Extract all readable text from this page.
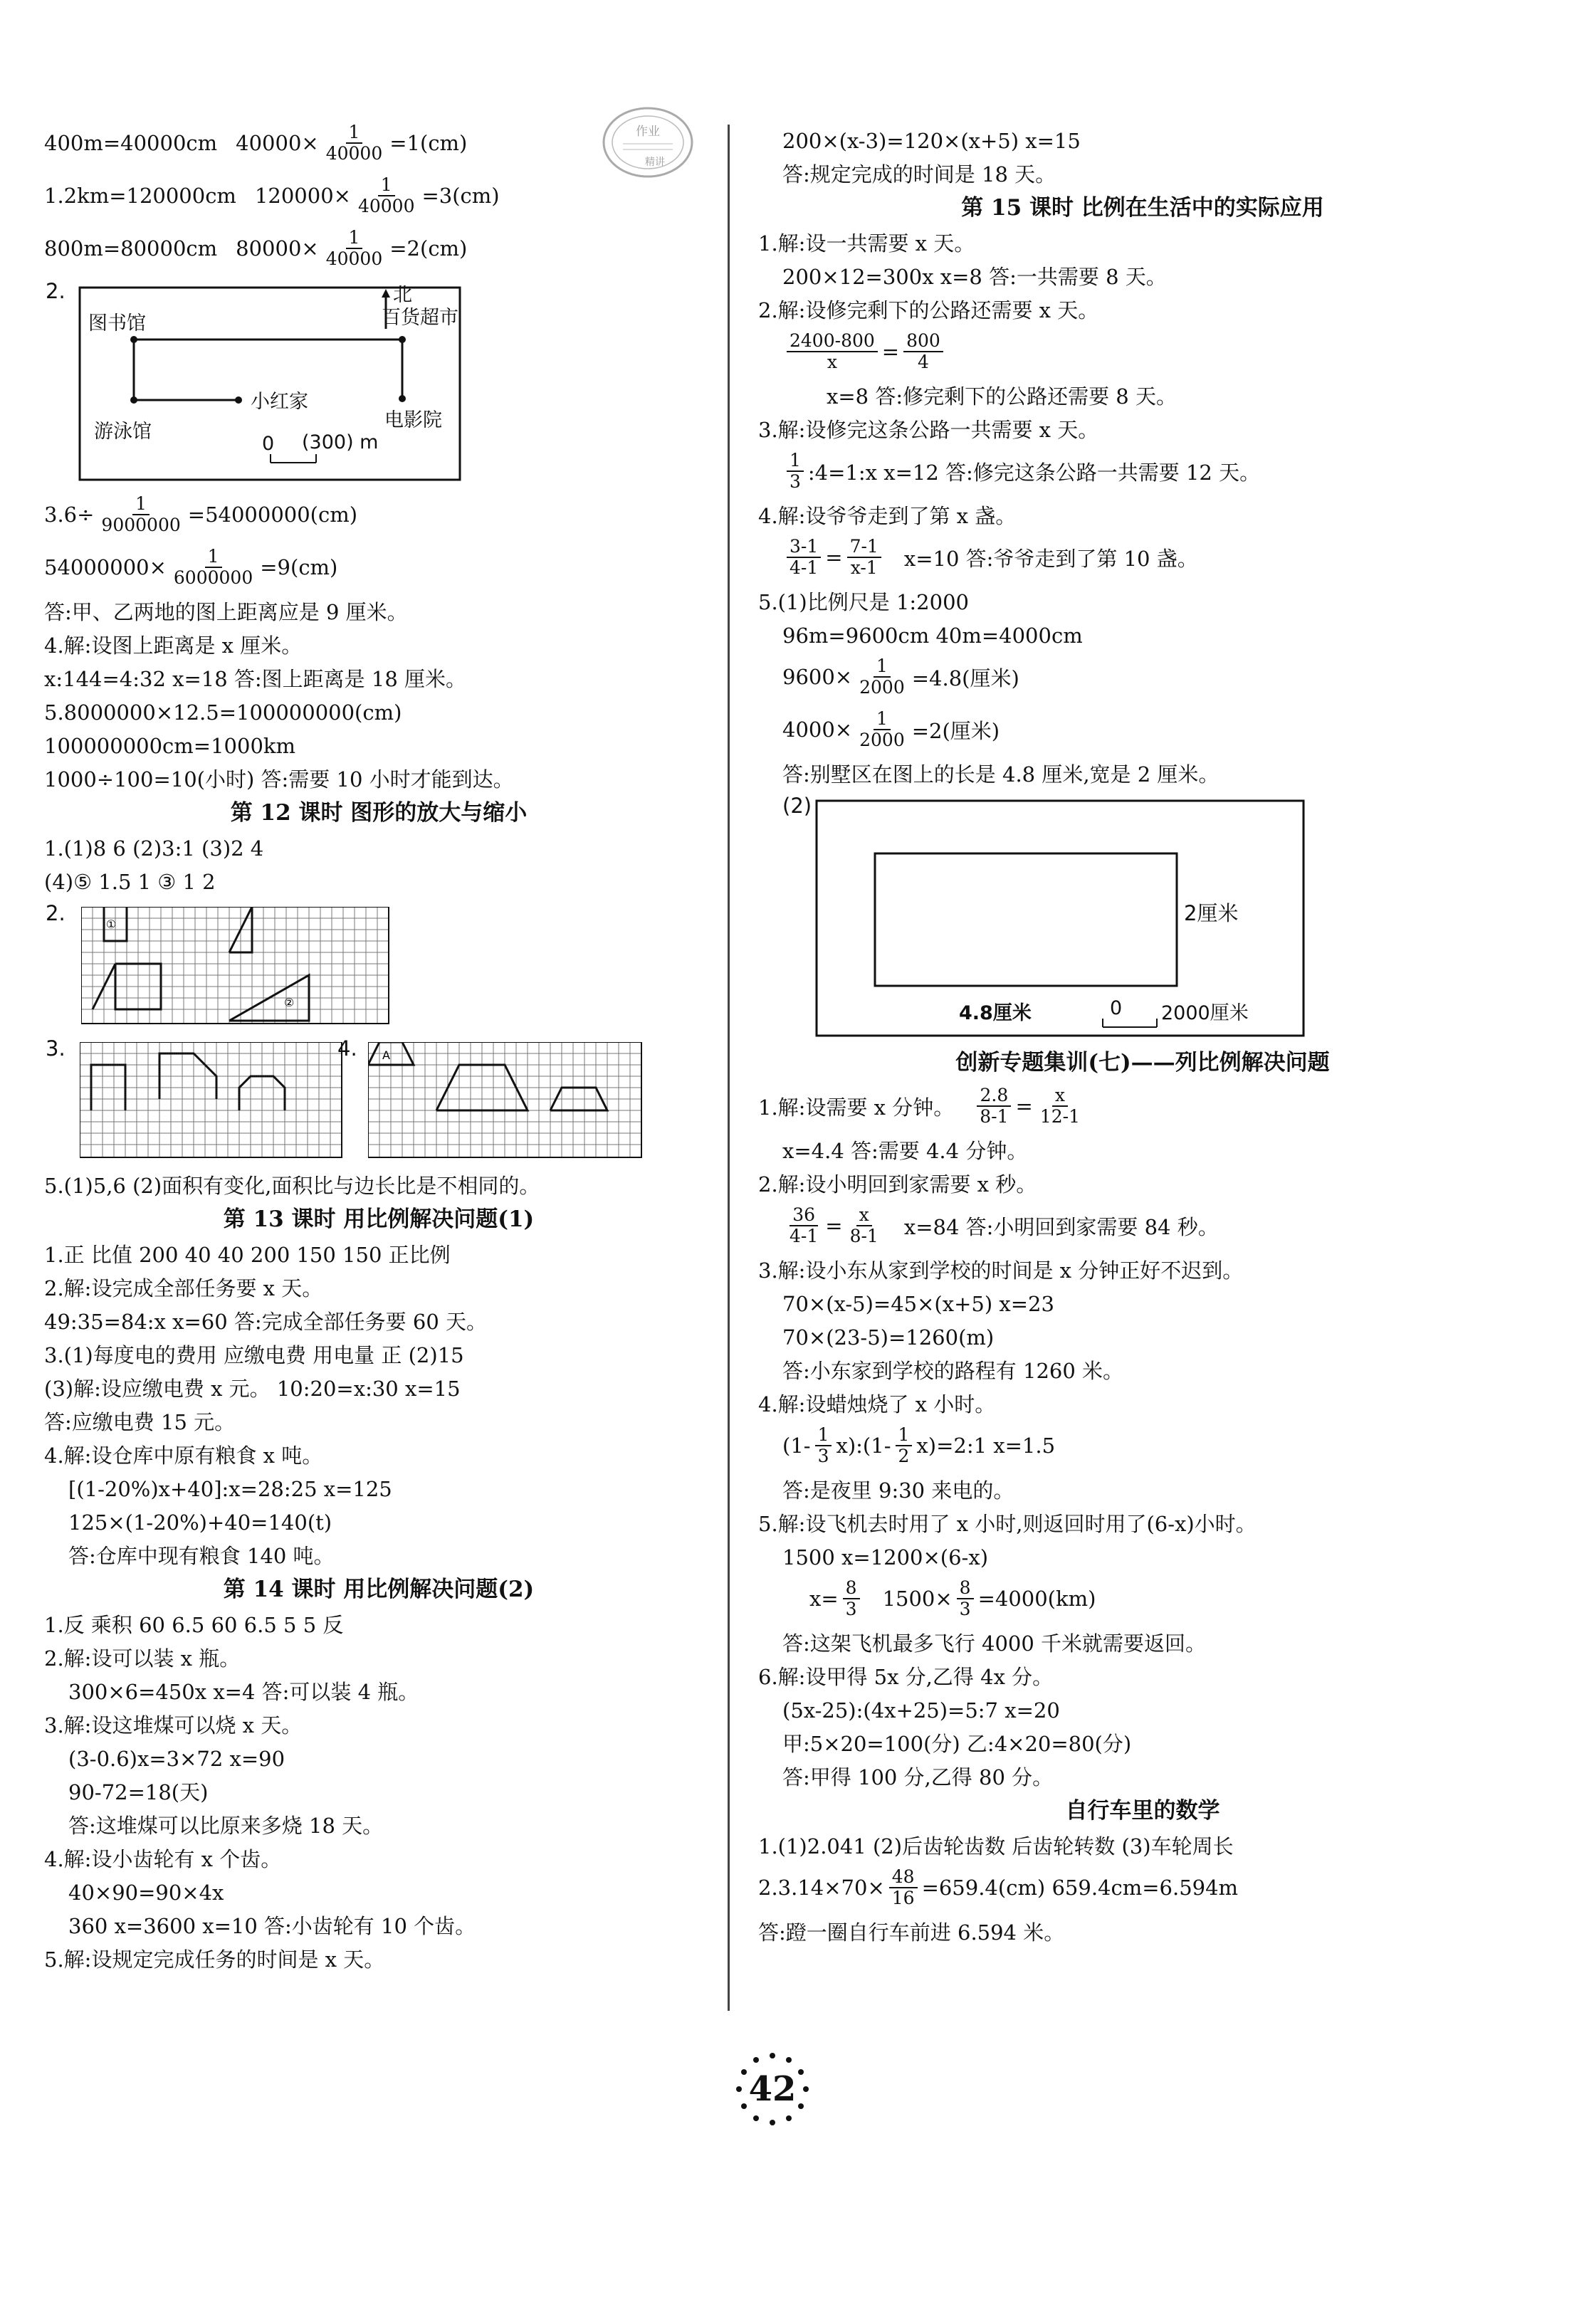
作业
精讲
400m=40000cm $40000\times \frac{1}{40000} =1(cm)$
1.2km=120000cm $120000\times \frac{1}{40000} =3(cm)$
800m=80000cm $80000\times \frac{1}{40000} =2(cm)$
2.
图书馆
北
百货超市
小红家
游泳馆
电影院
0 (300) m
$3.6\div \frac{1}{9000000} =54000000(cm)$
$54000000\times \frac{1}{6000000} =9(cm)$
答:甲、乙两地的图上距离应是 9 厘米。
4.解:设图上距离是 x 厘米。
x:144=4:32 x=18 答:图上距离是 18 厘米。
5.8000000×12.5=100000000(cm)
100000000cm=1000km
1000÷100=10(小时) 答:需要 10 小时才能到达。
第 12 课时 图形的放大与缩小
1.(1)8 6 (2)3:1 (3)2 4
(4)⑤ 1.5 1 ③ 1 2
2.	①
②
3.	4. A
5.(1)5,6 (2)面积有变化,面积比与边长比是不相同的。
第 13 课时 用比例解决问题(1)
1.正 比值 200 40 40 200 150 150 正比例
2.解:设完成全部任务要 x 天。
49:35=84:x x=60 答:完成全部任务要 60 天。
3.(1)每度电的费用 应缴电费 用电量 正 (2)15
(3)解:设应缴电费 x 元。 10:20=x:30 x=15
答:应缴电费 15 元。
4.解:设仓库中原有粮食 x 吨。
[(1-20%)x+40]:x=28:25 x=125
125×(1-20%)+40=140(t)
答:仓库中现有粮食 140 吨。
第 14 课时 用比例解决问题(2)
1.反 乘积 60 6.5 60 6.5 5 5 反
2.解:设可以装 x 瓶。
300×6=450x x=4 答:可以装 4 瓶。
3.解:设这堆煤可以烧 x 天。
(3-0.6)x=3×72 x=90
90-72=18(天)
答:这堆煤可以比原来多烧 18 天。
4.解:设小齿轮有 x 个齿。
40×90=90×4x
360 x=3600 x=10 答:小齿轮有 10 个齿。
5.解:设规定完成任务的时间是 x 天。
200×(x-3)=120×(x+5) x=15
答:规定完成的时间是 18 天。
第 15 课时 比例在生活中的实际应用
1.解:设一共需要 x 天。
200×12=300x x=8 答:一共需要 8 天。
2.解:设修完剩下的公路还需要 x 天。
$\frac{2400-800}{x} = \frac{800}{4}$
x=8 答:修完剩下的公路还需要 8 天。
3.解:设修完这条公路一共需要 x 天。
$\frac{1}{3}$ :4=1:x x=12 答:修完这条公路一共需要 12 天。
4.解:设爷爷走到了第 x 盏。
$\frac{3-1}{4-1} = \frac{7-1}{x-1} x=10$ 答:爷爷走到了第 10 盏。
5.(1)比例尺是 1:2000
96m=9600cm 40m=4000cm
$9600\times \frac{1}{2000} =4.8$(厘米)
$4000\times \frac{1}{2000} =2$(厘米)
答:别墅区在图上的长是 4.8 厘米,宽是 2 厘米。
(2)
2厘米
4.8厘米	0 2000厘米
创新专题集训(七)——列比例解决问题
1.解:设需要 x 分钟。 $\frac{2.8}{8-1} = \frac{x}{12-1}$
x=4.4 答:需要 4.4 分钟。
2.解:设小明回到家需要 x 秒。
$\frac{36}{4-1} = \frac{x}{8-1} x=84$ 答:小明回到家需要 84 秒。
3.解:设小东从家到学校的时间是 x 分钟正好不迟到。
70×(x-5)=45×(x+5) x=23
70×(23-5)=1260(m)
答:小东家到学校的路程有 1260 米。
4.解:设蜡烛烧了 x 小时。
($1- \frac{1}{3}$ x):(1- $\frac{1}{2}$ x)=2:1 x=1.5
答:是夜里 9:30 来电的。
5.解:设飞机去时用了 x 小时,则返回时用了(6-x)小时。
1500 x=1200×(6-x)
$x= \frac{8}{3} 1500\times \frac{8}{3} =4000(km)$
答:这架飞机最多飞行 4000 千米就需要返回。
6.解:设甲得 5x 分,乙得 4x 分。
(5x-25):(4x+25)=5:7 x=20
甲:5×20=100(分) 乙:4×20=80(分)
答:甲得 100 分,乙得 80 分。
自行车里的数学
1.(1)2.041 (2)后齿轮齿数 后齿轮转数 (3)车轮周长
$2.3.14\times 70\times \frac{48}{16} =659.4(cm)$ 659.4cm=6.594m
答:蹬一圈自行车前进 6.594 米。
42
